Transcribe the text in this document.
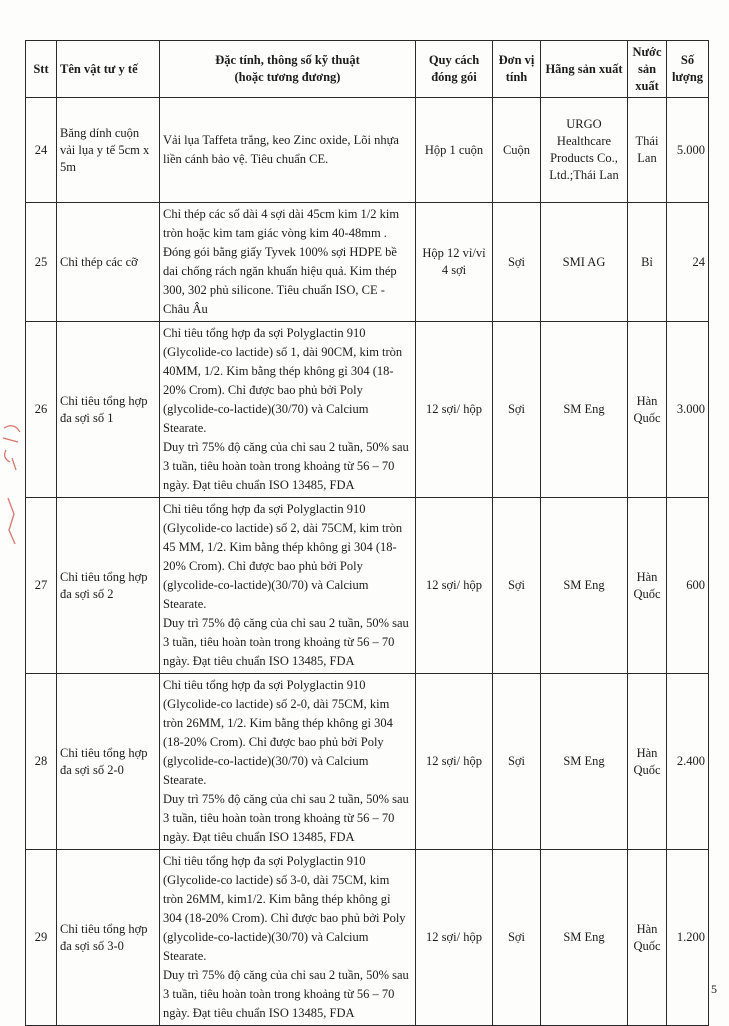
Stt	Tên vật tư y tế	Đặc tính, thông số kỹ thuật
(hoặc tương đương)	Quy cách đóng gói	Đơn vị tính	Hãng sản xuất	Nước sản xuất	Số lượng
24	Băng dính cuộn vải lụa y tế 5cm x 5m	Vải lụa Taffeta trắng, keo Zinc oxide, Lõi nhựa liền cánh bảo vệ. Tiêu chuẩn CE.	Hộp 1 cuộn	Cuộn	URGO Healthcare Products Co., Ltd.;Thái Lan	Thái Lan	5.000
25	Chỉ thép các cỡ	Chỉ thép các số dài 4 sợi dài 45cm kim 1/2 kim tròn hoặc kim tam giác vòng kim 40-48mm . Đóng gói bằng giấy Tyvek 100% sợi HDPE bề dai chống rách ngăn khuẩn hiệu quả. Kim thép 300, 302 phủ silicone. Tiêu chuẩn ISO, CE - Châu Âu	Hộp 12 vỉ/vỉ 4 sợi	Sợi	SMI AG	Bỉ	24
26	Chỉ tiêu tổng hợp đa sợi số 1	Chỉ tiêu tổng hợp đa sợi Polyglactin 910 (Glycolide-co lactide) số 1, dài 90CM, kim tròn 40MM, 1/2. Kim bằng thép không gỉ 304 (18-20% Crom). Chỉ được bao phủ bởi Poly (glycolide-co-lactide)(30/70) và Calcium Stearate.
Duy trì 75% độ căng của chỉ sau 2 tuần, 50% sau 3 tuần, tiêu hoàn toàn trong khoảng từ 56 – 70 ngày. Đạt tiêu chuẩn ISO 13485, FDA	12 sợi/ hộp	Sợi	SM Eng	Hàn Quốc	3.000
27	Chỉ tiêu tổng hợp đa sợi số 2	Chỉ tiêu tổng hợp đa sợi Polyglactin 910 (Glycolide-co lactide) số 2, dài 75CM, kim tròn 45 MM, 1/2. Kim bằng thép không gỉ 304 (18-20% Crom). Chỉ được bao phủ bởi Poly (glycolide-co-lactide)(30/70) và Calcium Stearate.
Duy trì 75% độ căng của chỉ sau 2 tuần, 50% sau 3 tuần, tiêu hoàn toàn trong khoảng từ 56 – 70 ngày. Đạt tiêu chuẩn ISO 13485, FDA	12 sợi/ hộp	Sợi	SM Eng	Hàn Quốc	600
28	Chỉ tiêu tổng hợp đa sợi số 2-0	Chỉ tiêu tổng hợp đa sợi Polyglactin 910 (Glycolide-co lactide) số 2-0, dài 75CM, kim tròn 26MM, 1/2. Kim bằng thép không gỉ 304 (18-20% Crom). Chỉ được bao phủ bởi Poly (glycolide-co-lactide)(30/70) và Calcium Stearate.
Duy trì 75% độ căng của chỉ sau 2 tuần, 50% sau 3 tuần, tiêu hoàn toàn trong khoảng từ 56 – 70 ngày. Đạt tiêu chuẩn ISO 13485, FDA	12 sợi/ hộp	Sợi	SM Eng	Hàn Quốc	2.400
29	Chỉ tiêu tổng hợp đa sợi số 3-0	Chỉ tiêu tổng hợp đa sợi Polyglactin 910 (Glycolide-co lactide) số 3-0, dài 75CM, kim tròn 26MM, kim1/2. Kim bằng thép không gỉ 304 (18-20% Crom). Chỉ được bao phủ bởi Poly (glycolide-co-lactide)(30/70) và Calcium Stearate.
Duy trì 75% độ căng của chỉ sau 2 tuần, 50% sau 3 tuần, tiêu hoàn toàn trong khoảng từ 56 – 70 ngày. Đạt tiêu chuẩn ISO 13485, FDA	12 sợi/ hộp	Sợi	SM Eng	Hàn Quốc	1.200
5
